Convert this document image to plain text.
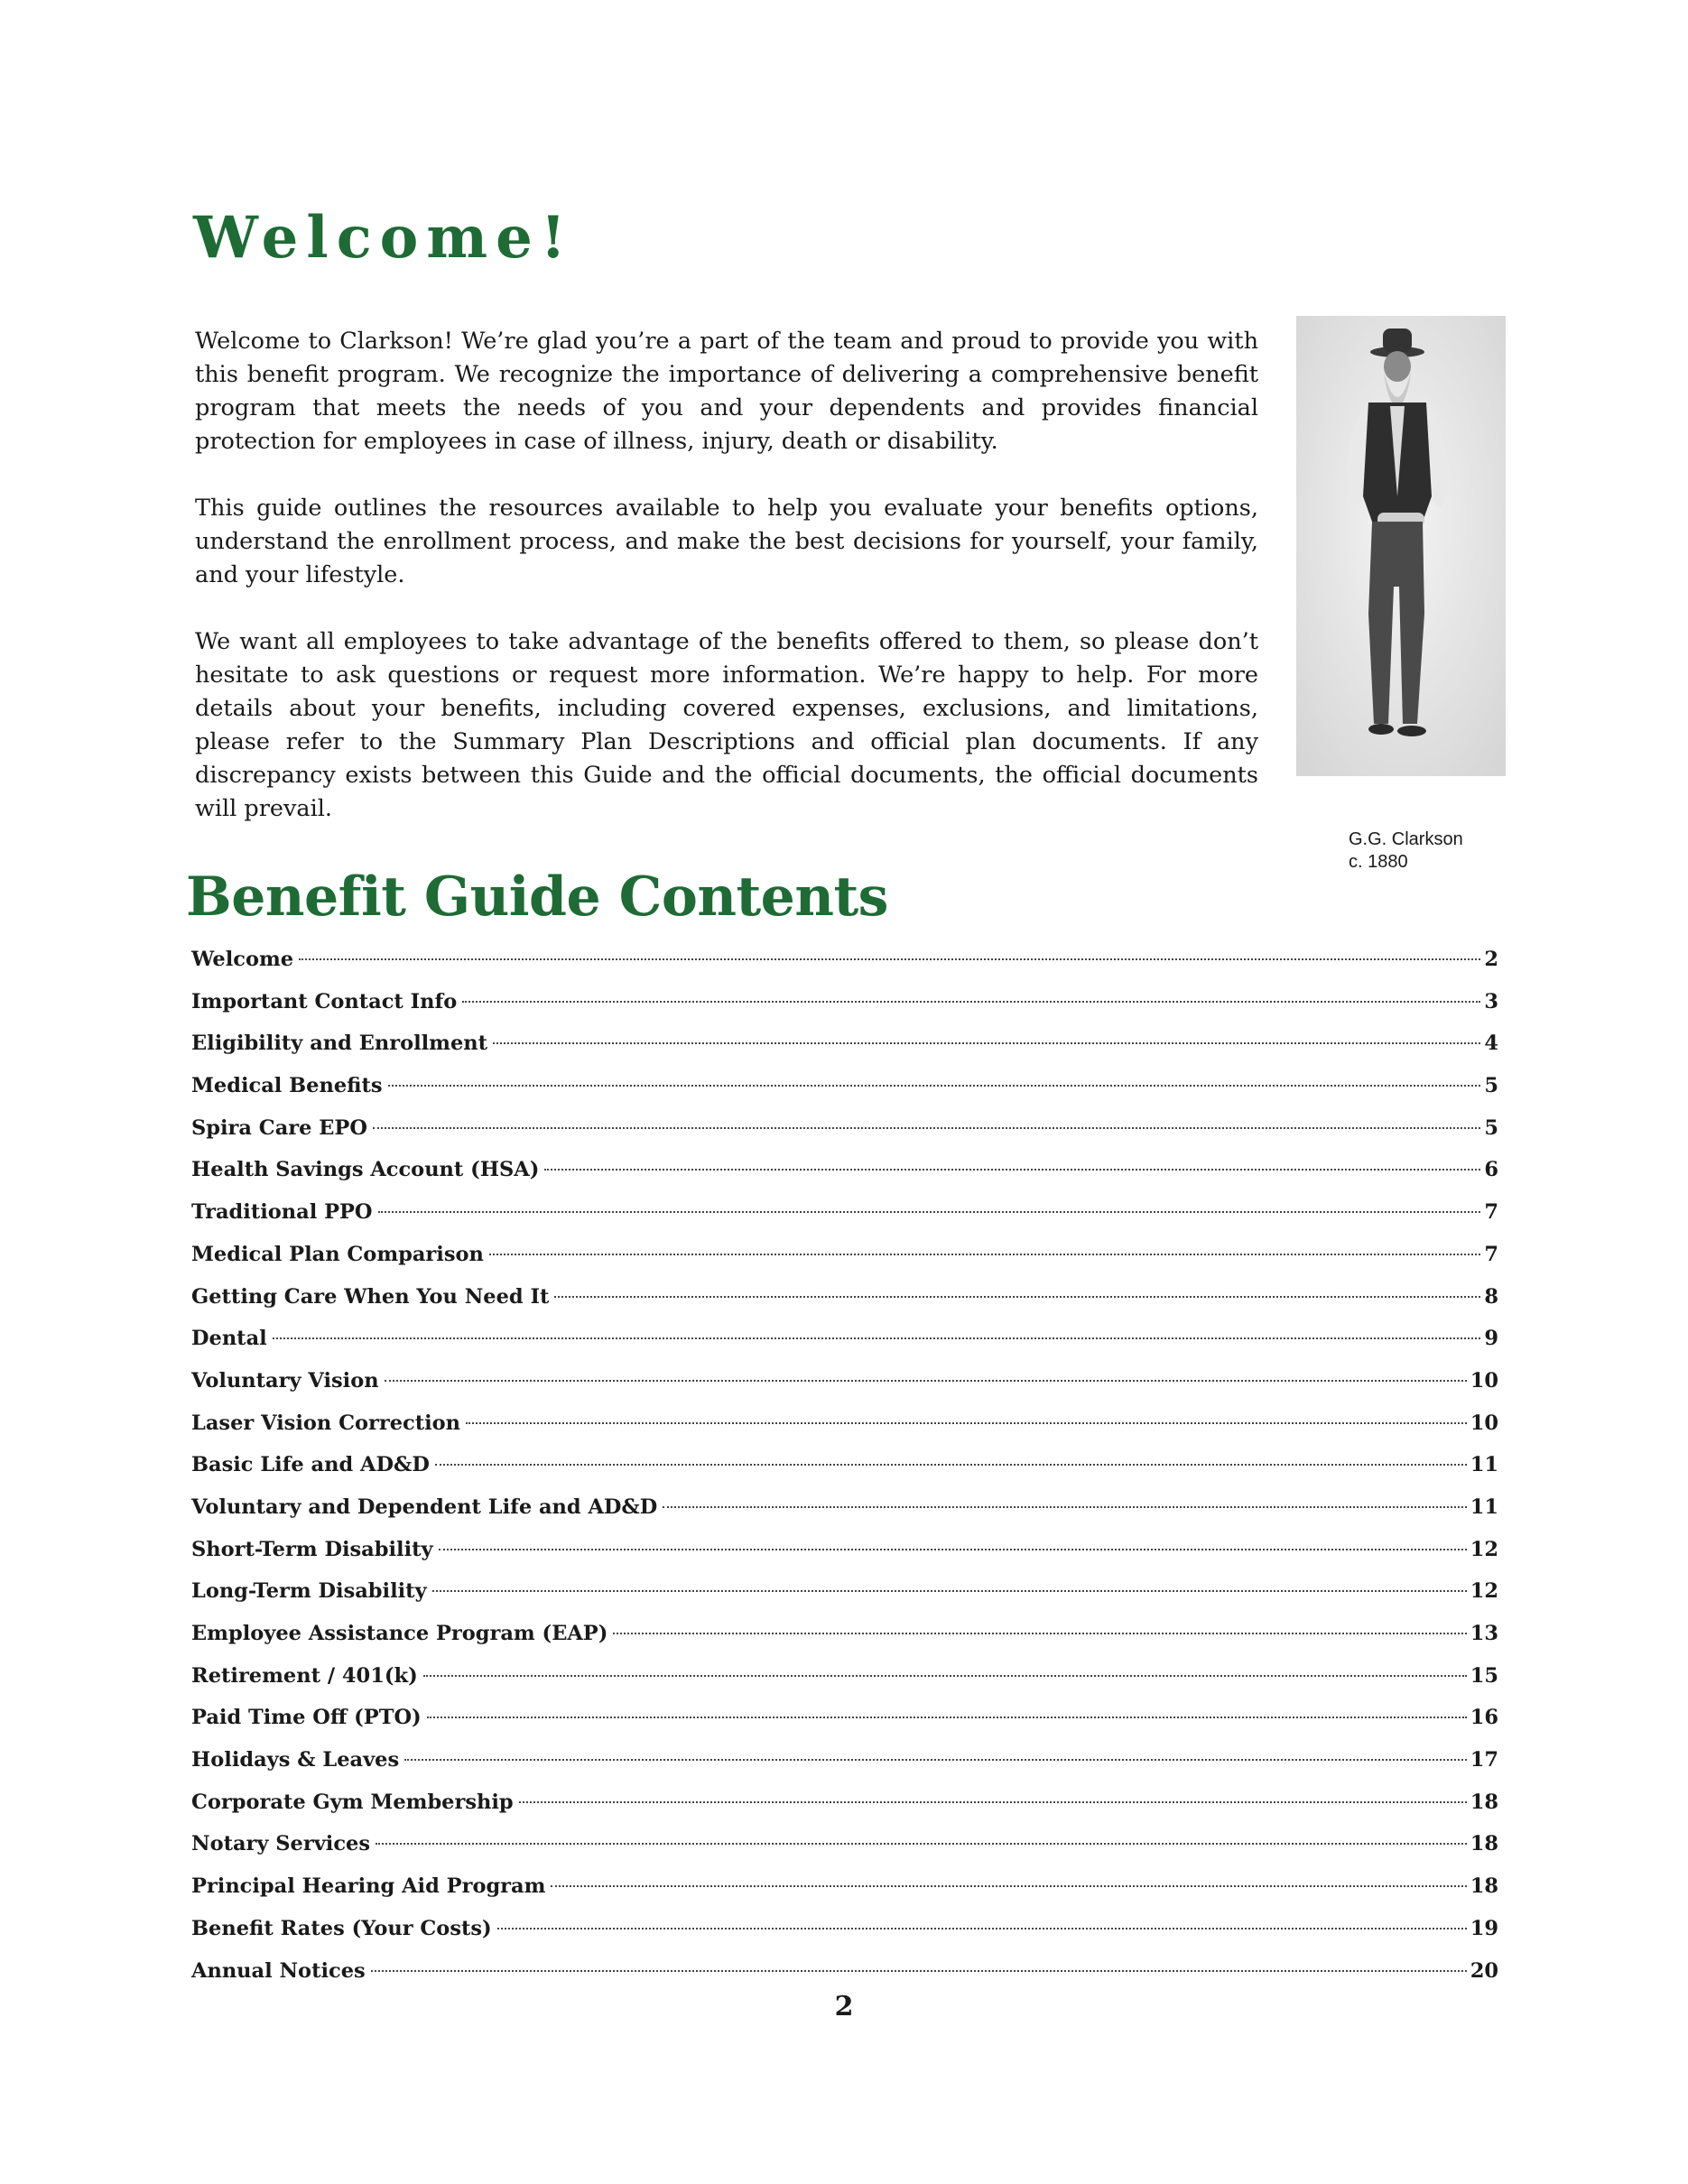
Welcome!

Welcome to Clarkson! We’re glad you’re a part of the team and proud to provide you with this benefit program. We recognize the importance of delivering a comprehensive benefit program that meets the needs of you and your dependents and provides financial protection for employees in case of illness, injury, death or disability.

This guide outlines the resources available to help you evaluate your benefits options, understand the enrollment process, and make the best decisions for yourself, your family, and your lifestyle.

We want all employees to take advantage of the benefits offered to them, so please don’t hesitate to ask questions or request more information. We’re happy to help. For more details about your benefits, including covered expenses, exclusions, and limitations, please refer to the Summary Plan Descriptions and official plan documents. If any discrepancy exists between this Guide and the official documents, the official documents will prevail.

G.G. Clarkson
c. 1880
Benefit Guide Contents
Welcome	2
Important Contact Info	3
Eligibility and Enrollment	4
Medical Benefits	5
Spira Care EPO	5
Health Savings Account (HSA)	6
Traditional PPO	7
Medical Plan Comparison	7
Getting Care When You Need It	8
Dental	9
Voluntary Vision	10
Laser Vision Correction	10
Basic Life and AD&D	11
Voluntary and Dependent Life and AD&D	11
Short-Term Disability	12
Long-Term Disability	12
Employee Assistance Program (EAP)	13
Retirement / 401(k)	15
Paid Time Off (PTO)	16
Holidays & Leaves	17
Corporate Gym Membership	18
Notary Services	18
Principal Hearing Aid Program	18
Benefit Rates (Your Costs)	19
Annual Notices	20
2
